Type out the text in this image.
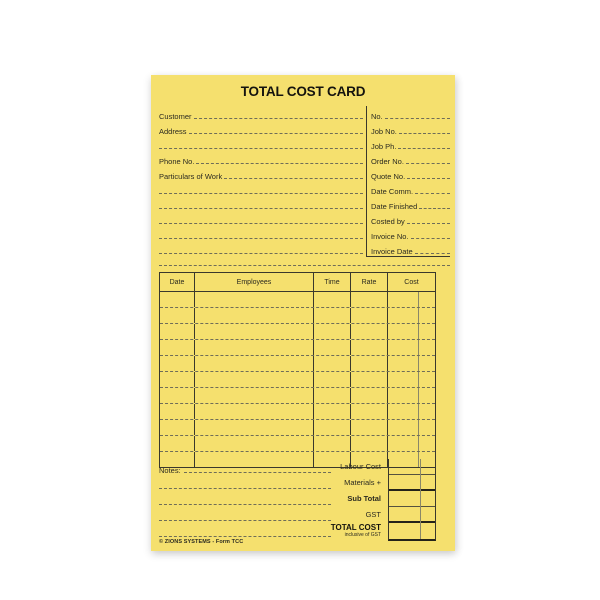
TOTAL COST CARD
Customer
Address
Phone No.
Particulars of Work
No.
Job No.
Job Ph.
Order No.
Quote No.
Date Comm.
Date Finished
Costed by
Invoice No.
Invoice Date
Date	Employees	Time	Rate	Cost
Notes:	Labour Cost
Materials +
Sub Total
GST
TOTAL COST
inclusive of GST
© ZIONS SYSTEMS - Form TCC
